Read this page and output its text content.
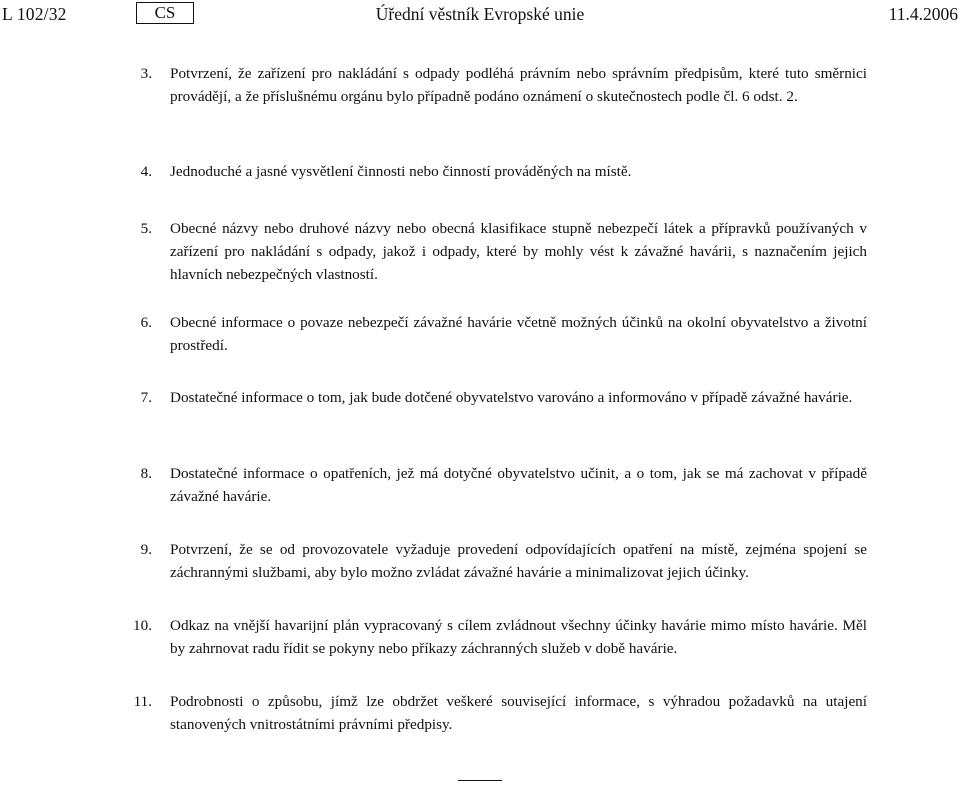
L 102/32	CS	Úřední věstník Evropské unie	11.4.2006
3. Potvrzení, že zařízení pro nakládání s odpady podléhá právním nebo správním předpisům, které tuto směrnici provádějí, a že příslušnému orgánu bylo případně podáno oznámení o skutečnostech podle čl. 6 odst. 2.
4. Jednoduché a jasné vysvětlení činnosti nebo činností prováděných na místě.
5. Obecné názvy nebo druhové názvy nebo obecná klasifikace stupně nebezpečí látek a přípravků používaných v zařízení pro nakládání s odpady, jakož i odpady, které by mohly vést k závažné havárii, s naznačením jejich hlavních nebezpečných vlastností.
6. Obecné informace o povaze nebezpečí závažné havárie včetně možných účinků na okolní obyvatelstvo a životní prostředí.
7. Dostatečné informace o tom, jak bude dotčené obyvatelstvo varováno a informováno v případě závažné havárie.
8. Dostatečné informace o opatřeních, jež má dotyčné obyvatelstvo učinit, a o tom, jak se má zachovat v případě závažné havárie.
9. Potvrzení, že se od provozovatele vyžaduje provedení odpovídajících opatření na místě, zejména spojení se záchrannými službami, aby bylo možno zvládat závažné havárie a minimalizovat jejich účinky.
10. Odkaz na vnější havarijní plán vypracovaný s cílem zvládnout všechny účinky havárie mimo místo havárie. Měl by zahrnovat radu řídit se pokyny nebo příkazy záchranných služeb v době havárie.
11. Podrobnosti o způsobu, jímž lze obdržet veškeré související informace, s výhradou požadavků na utajení stanovených vnitrostátními právními předpisy.
